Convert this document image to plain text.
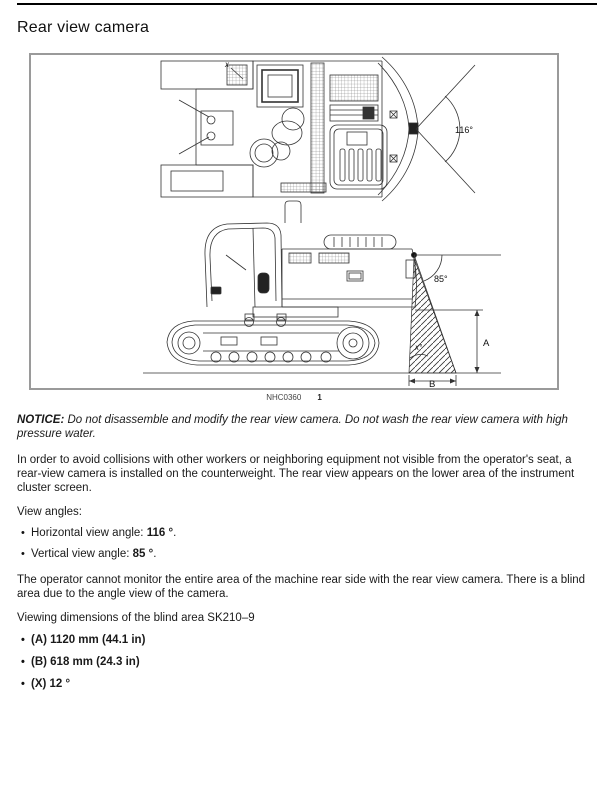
Rear view camera
x
116°
85°
x°	A
B
NHC0360 1

NOTICE: Do not disassemble and modify the rear view camera. Do not wash the rear view camera with high pressure water.

In order to avoid collisions with other workers or neighboring equipment not visible from the operator's seat, a rear-view camera is installed on the counterweight. The rear view appears on the lower area of the instrument cluster screen.

View angles:

• Horizontal view angle: 116 °.
• Vertical view angle: 85 °.

The operator cannot monitor the entire area of the machine rear side with the rear view camera. There is a blind area due to the angle view of the camera.

Viewing dimensions of the blind area SK210–9

• (A) 1120 mm (44.1 in)
• (B) 618 mm (24.3 in)
• (X) 12 °
